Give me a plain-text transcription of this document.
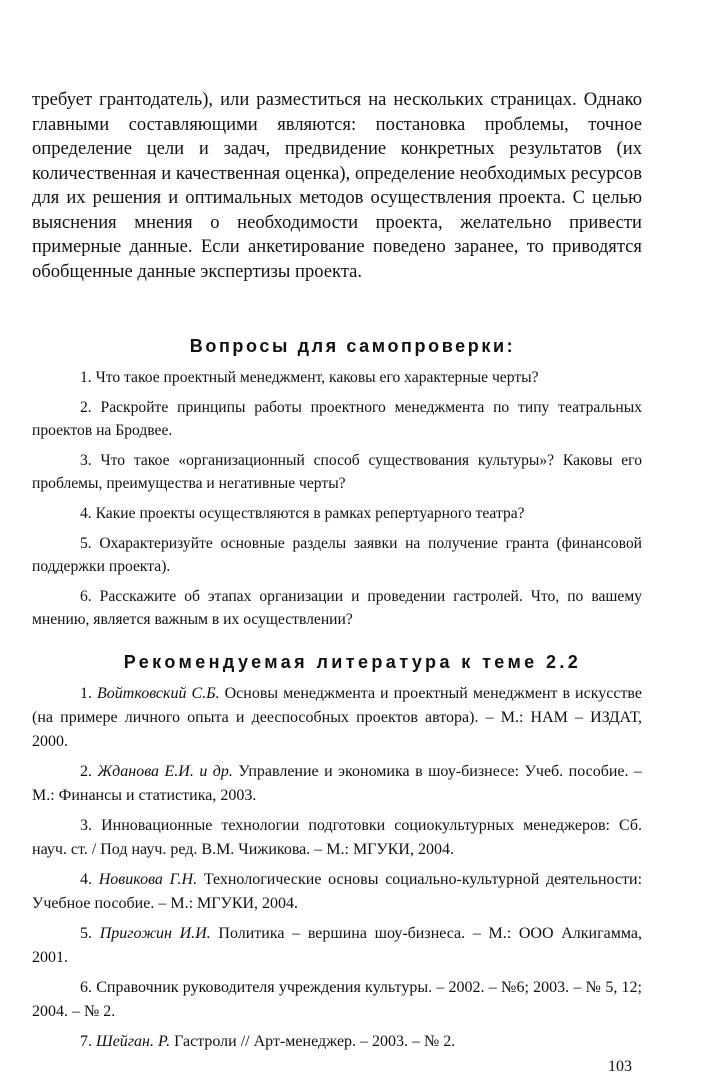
требует грантодатель), или разместиться на нескольких страницах. Однако главными составляющими являются: постановка проблемы, точное определение цели и задач, предвидение конкретных результатов (их количественная и качественная оценка), определение необходимых ресурсов для их решения и оптимальных методов осуществления проекта. С целью выяснения мнения о необходимости проекта, желательно привести примерные данные. Если анкетирование поведено заранее, то приводятся обобщенные данные экспертизы проекта.

Вопросы для самопроверки:

1. Что такое проектный менеджмент, каковы его характерные черты?

2. Раскройте принципы работы проектного менеджмента по типу театральных проектов на Бродвее.

3. Что такое «организационный способ существования культуры»? Каковы его проблемы, преимущества и негативные черты?

4. Какие проекты осуществляются в рамках репертуарного театра?

5. Охарактеризуйте основные разделы заявки на получение гранта (финансовой поддержки проекта).

6. Расскажите об этапах организации и проведении гастролей. Что, по вашему мнению, является важным в их осуществлении?

Рекомендуемая литература к теме 2.2

1. Войтковский С.Б. Основы менеджмента и проектный менеджмент в искусстве (на примере личного опыта и дееспособных проектов автора). – М.: НАМ – ИЗДАТ, 2000.

2. Жданова Е.И. и др. Управление и экономика в шоу-бизнесе: Учеб. пособие. – М.: Финансы и статистика, 2003.

3. Инновационные технологии подготовки социокультурных менеджеров: Сб. науч. ст. / Под науч. ред. В.М. Чижикова. – М.: МГУКИ, 2004.

4. Новикова Г.Н. Технологические основы социально-культурной деятельности: Учебное пособие. – М.: МГУКИ, 2004.

5. Пригожин И.И. Политика – вершина шоу-бизнеса. – М.: ООО Алкигамма, 2001.

6. Справочник руководителя учреждения культуры. – 2002. – №6; 2003. – № 5, 12; 2004. – № 2.

7. Шейган. Р. Гастроли // Арт-менеджер. – 2003. – № 2.

103
